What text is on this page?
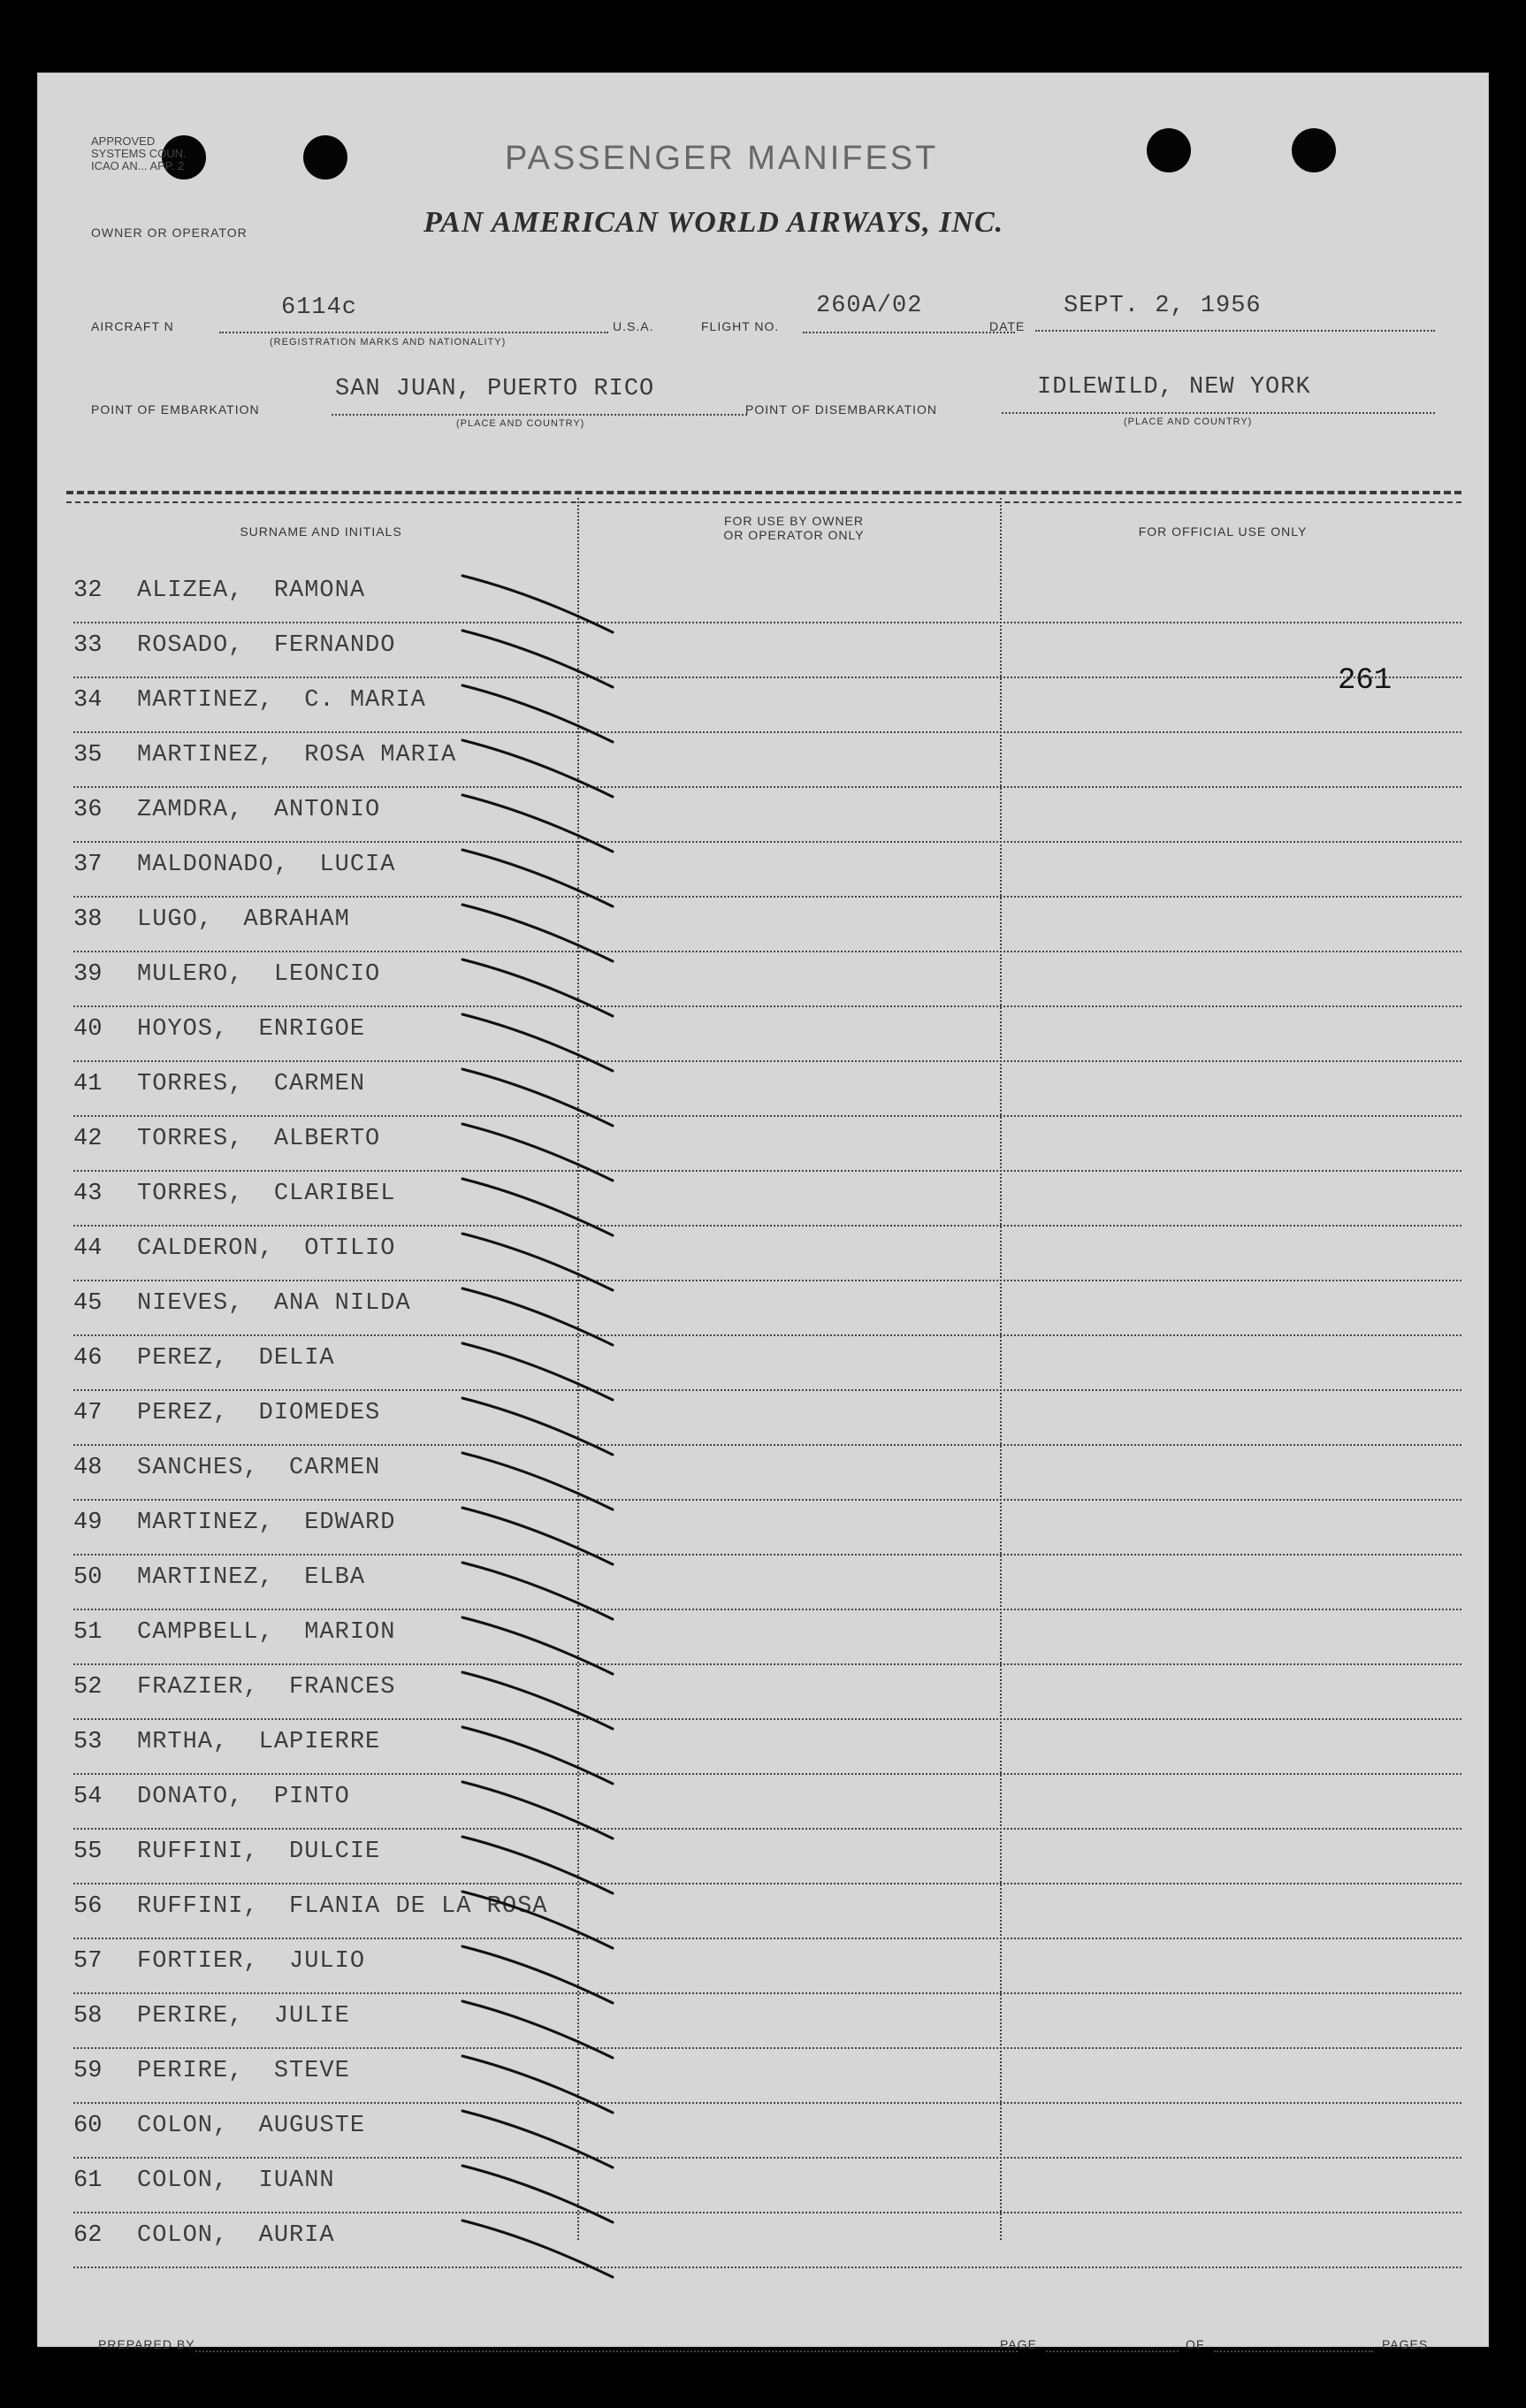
APPROVED
SYSTEMS COUN.
ICAO AN... APP. 2	PASSENGER MANIFEST
OWNER OR OPERATOR	PAN AMERICAN WORLD AIRWAYS, INC.
AIRCRAFT N
6114c
(REGISTRATION MARKS AND NATIONALITY)
U.S.A.	FLIGHT NO.
260A/02
DATE
SEPT. 2, 1956
POINT OF EMBARKATION
SAN JUAN, PUERTO RICO
(PLACE AND COUNTRY)
POINT OF DISEMBARKATION
IDLEWILD, NEW YORK
(PLACE AND COUNTRY)
SURNAME AND INITIALS
FOR USE BY OWNER
OR OPERATOR ONLY	FOR OFFICIAL USE ONLY
261
32 ALIZEA,  RAMONA
33 ROSADO,  FERNANDO
34 MARTINEZ,  C. MARIA
35 MARTINEZ,  ROSA MARIA
36 ZAMDRA,  ANTONIO
37 MALDONADO,  LUCIA
38 LUGO,  ABRAHAM
39 MULERO,  LEONCIO
40 HOYOS,  ENRIGOE
41 TORRES,  CARMEN
42 TORRES,  ALBERTO
43 TORRES,  CLARIBEL
44 CALDERON,  OTILIO
45 NIEVES,  ANA NILDA
46 PEREZ,  DELIA
47 PEREZ,  DIOMEDES
48 SANCHES,  CARMEN
49 MARTINEZ,  EDWARD
50 MARTINEZ,  ELBA
51 CAMPBELL,  MARION
52 FRAZIER,  FRANCES
53 MRTHA,  LAPIERRE
54 DONATO,  PINTO
55 RUFFINI,  DULCIE
56 RUFFINI,  FLANIA DE LA ROSA
57 FORTIER,  JULIO
58 PERIRE,  JULIE
59 PERIRE,  STEVE
60 COLON,  AUGUSTE
61 COLON,  IUANN
62 COLON,  AURIA
PREPARED BY	PAGE	OF	PAGES
